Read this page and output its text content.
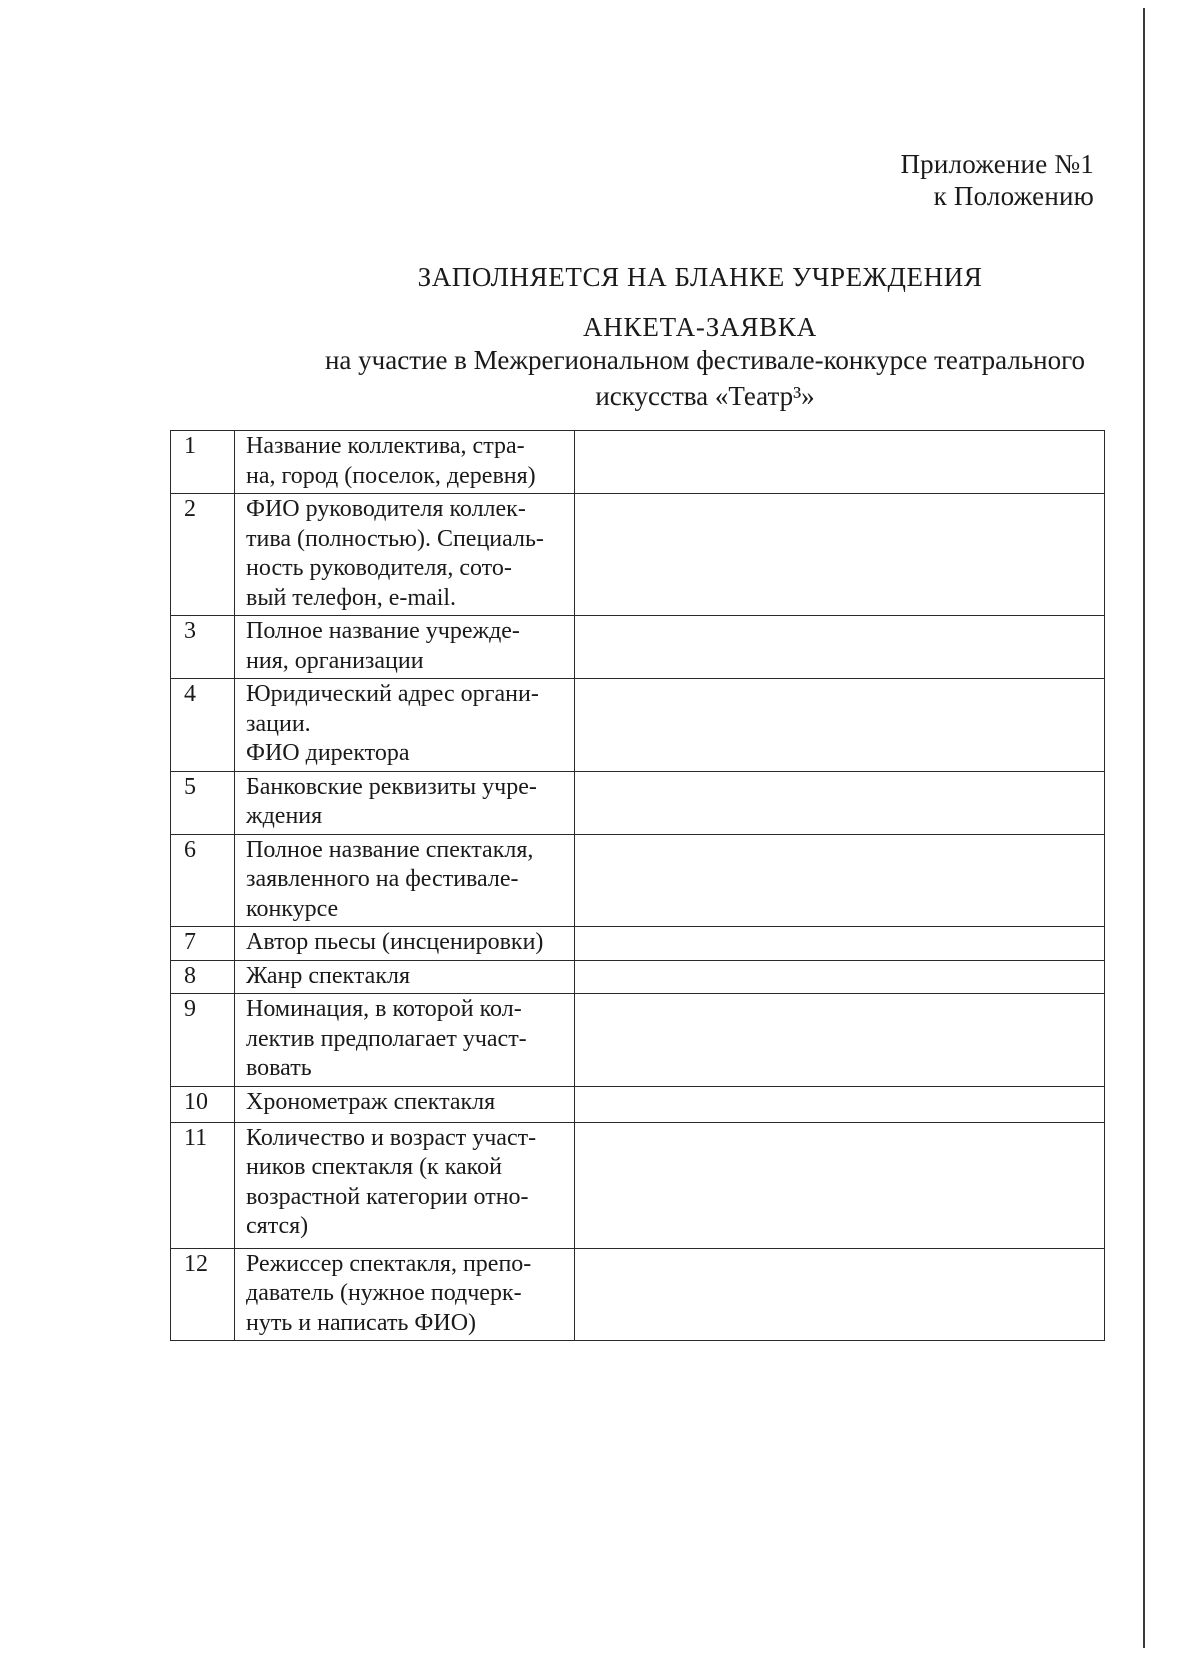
Приложение №1
к Положению
ЗАПОЛНЯЕТСЯ НА БЛАНКЕ УЧРЕЖДЕНИЯ
АНКЕТА-ЗАЯВКА
на участие в Межрегиональном фестивале-конкурсе театрального
искусства «Театр³»
1	Название коллектива, стра-
на, город (поселок, деревня)	

2	ФИО руководителя коллек-
тива (полностью). Специаль-
ность руководителя, сото-
вый телефон, e-mail.	

3	Полное название учрежде-
ния, организации	

4	Юридический адрес органи-
зации.
ФИО директора	

5	Банковские реквизиты учре-
ждения	

6	Полное название спектакля,
заявленного на фестивале-
конкурсе	

7	Автор пьесы (инсценировки)	

8	Жанр спектакля	

9	Номинация, в которой кол-
лектив предполагает участ-
вовать	

10	Хронометраж спектакля	

11	Количество и возраст участ-
ников спектакля (к какой
возрастной категории отно-
сятся)	

12	Режиссер спектакля, препо-
даватель (нужное подчерк-
нуть и написать ФИО)	
